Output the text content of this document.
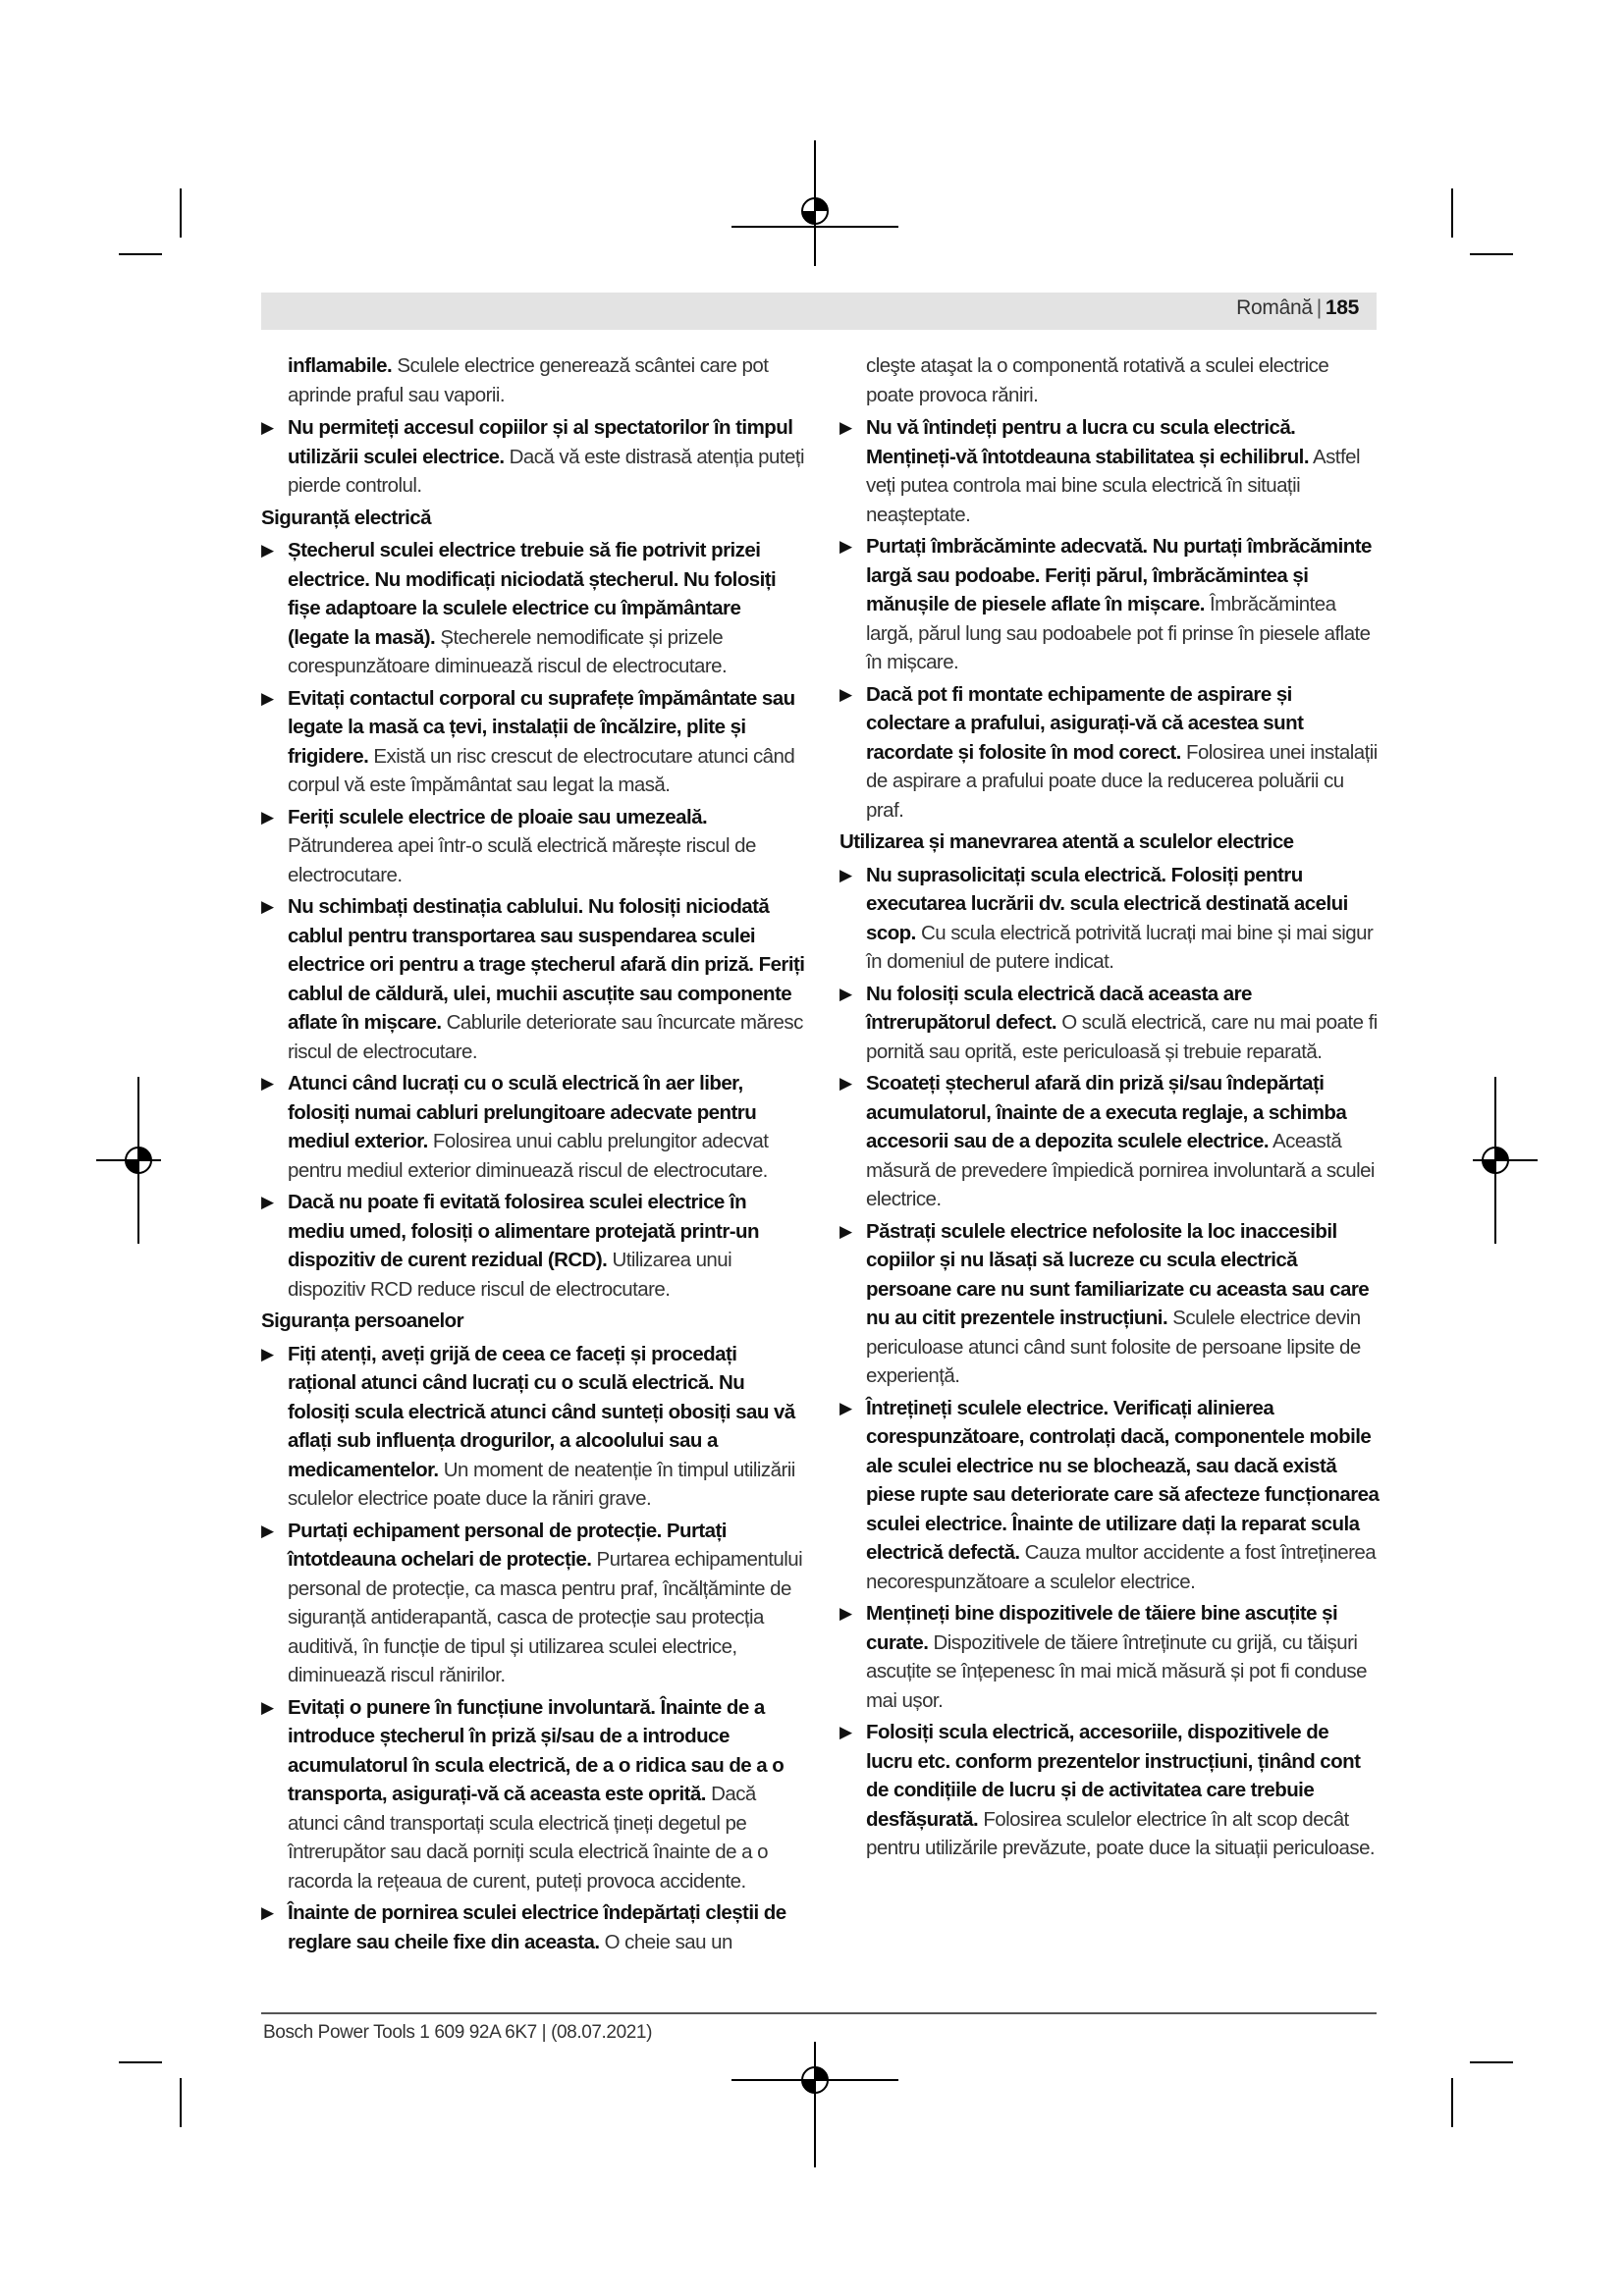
Română | 185

inflamabile. Sculele electrice generează scântei care pot aprinde praful sau vaporii.

▶ Nu permiteți accesul copiilor și al spectatorilor în timpul utilizării sculei electrice. Dacă vă este distrasă atenția puteți pierde controlul.
Siguranță electrică
▶ Ștecherul sculei electrice trebuie să fie potrivit prizei electrice. Nu modificați niciodată ștecherul. Nu folosiți fișe adaptoare la sculele electrice cu împământare (legate la masă). Ștecherele nemodificate și prizele corespunzătoare diminuează riscul de electrocutare.
▶ Evitați contactul corporal cu suprafețe împământate sau legate la masă ca țevi, instalații de încălzire, plite și frigidere. Există un risc crescut de electrocutare atunci când corpul vă este împământat sau legat la masă.
▶ Feriți sculele electrice de ploaie sau umezeală. Pătrunderea apei într-o sculă electrică mărește riscul de electrocutare.
▶ Nu schimbați destinația cablului. Nu folosiți niciodată cablul pentru transportarea sau suspendarea sculei electrice ori pentru a trage ștecherul afară din priză. Feriți cablul de căldură, ulei, muchii ascuțite sau componente aflate în mișcare. Cablurile deteriorate sau încurcate măresc riscul de electrocutare.
▶ Atunci când lucrați cu o sculă electrică în aer liber, folosiți numai cabluri prelungitoare adecvate pentru mediul exterior. Folosirea unui cablu prelungitor adecvat pentru mediul exterior diminuează riscul de electrocutare.
▶ Dacă nu poate fi evitată folosirea sculei electrice în mediu umed, folosiți o alimentare protejată printr-un dispozitiv de curent rezidual (RCD). Utilizarea unui dispozitiv RCD reduce riscul de electrocutare.
Siguranța persoanelor
▶ Fiți atenți, aveți grijă de ceea ce faceți și procedați rațional atunci când lucrați cu o sculă electrică. Nu folosiți scula electrică atunci când sunteți obosiți sau vă aflați sub influența drogurilor, a alcoolului sau a medicamentelor. Un moment de neatenție în timpul utilizării sculelor electrice poate duce la răniri grave.
▶ Purtați echipament personal de protecție. Purtați întotdeauna ochelari de protecție. Purtarea echipamentului personal de protecție, ca masca pentru praf, încălțăminte de siguranță antiderapantă, casca de protecție sau protecția auditivă, în funcție de tipul și utilizarea sculei electrice, diminuează riscul rănirilor.
▶ Evitați o punere în funcțiune involuntară. Înainte de a introduce ștecherul în priză și/sau de a introduce acumulatorul în scula electrică, de a o ridica sau de a o transporta, asigurați-vă că aceasta este oprită. Dacă atunci când transportați scula electrică țineți degetul pe întrerupător sau dacă porniți scula electrică înainte de a o racorda la rețeaua de curent, puteți provoca accidente.
▶ Înainte de pornirea sculei electrice îndepărtați cleștii de reglare sau cheile fixe din aceasta. O cheie sau un

cleşte ataşat la o componentă rotativă a sculei electrice poate provoca răniri.

▶ Nu vă întindeți pentru a lucra cu scula electrică. Mențineți-vă întotdeauna stabilitatea și echilibrul. Astfel veți putea controla mai bine scula electrică în situații neașteptate.
▶ Purtați îmbrăcăminte adecvată. Nu purtați îmbrăcăminte largă sau podoabe. Feriți părul, îmbrăcămintea și mănușile de piesele aflate în mișcare. Îmbrăcămintea largă, părul lung sau podoabele pot fi prinse în piesele aflate în mișcare.
▶ Dacă pot fi montate echipamente de aspirare și colectare a prafului, asigurați-vă că acestea sunt racordate și folosite în mod corect. Folosirea unei instalații de aspirare a prafului poate duce la reducerea poluării cu praf.
Utilizarea și manevrarea atentă a sculelor electrice
▶ Nu suprasolicitați scula electrică. Folosiți pentru executarea lucrării dv. scula electrică destinată acelui scop. Cu scula electrică potrivită lucrați mai bine și mai sigur în domeniul de putere indicat.
▶ Nu folosiți scula electrică dacă aceasta are întrerupătorul defect. O sculă electrică, care nu mai poate fi pornită sau oprită, este periculoasă și trebuie reparată.
▶ Scoateți ștecherul afară din priză și/sau îndepărtați acumulatorul, înainte de a executa reglaje, a schimba accesorii sau de a depozita sculele electrice. Această măsură de prevedere împiedică pornirea involuntară a sculei electrice.
▶ Păstrați sculele electrice nefolosite la loc inaccesibil copiilor și nu lăsați să lucreze cu scula electrică persoane care nu sunt familiarizate cu aceasta sau care nu au citit prezentele instrucțiuni. Sculele electrice devin periculoase atunci când sunt folosite de persoane lipsite de experiență.
▶ Întrețineți sculele electrice. Verificați alinierea corespunzătoare, controlați dacă, componentele mobile ale sculei electrice nu se blochează, sau dacă există piese rupte sau deteriorate care să afecteze funcționarea sculei electrice. Înainte de utilizare dați la reparat scula electrică defectă. Cauza multor accidente a fost întreținerea necorespunzătoare a sculelor electrice.
▶ Mențineți bine dispozitivele de tăiere bine ascuțite și curate. Dispozitivele de tăiere întreținute cu grijă, cu tăișuri ascuțite se înțepenesc în mai mică măsură și pot fi conduse mai ușor.
▶ Folosiți scula electrică, accesoriile, dispozitivele de lucru etc. conform prezentelor instrucțiuni, ținând cont de condițiile de lucru și de activitatea care trebuie desfășurată. Folosirea sculelor electrice în alt scop decât pentru utilizările prevăzute, poate duce la situații periculoase.
Bosch Power Tools 1 609 92A 6K7 | (08.07.2021)
